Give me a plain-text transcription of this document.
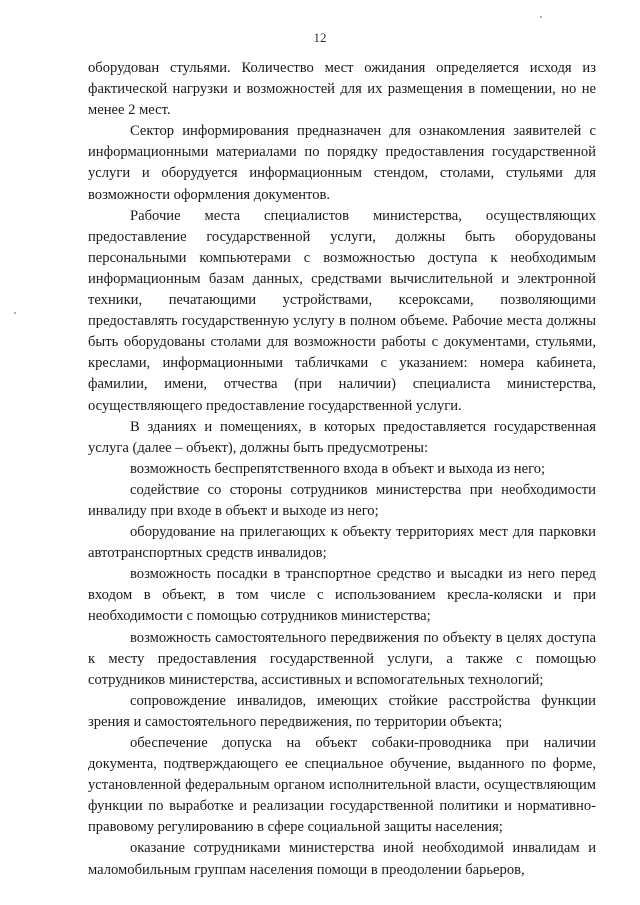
12

оборудован стульями. Количество мест ожидания определяется исходя из фактической нагрузки и возможностей для их размещения в помещении, но не менее 2 мест.

Сектор информирования предназначен для ознакомления заявителей с информационными материалами по порядку предоставления государственной услуги и оборудуется информационным стендом, столами, стульями для возможности оформления документов.

Рабочие места специалистов министерства, осуществляющих предоставление государственной услуги, должны быть оборудованы персональными компьютерами с возможностью доступа к необходимым информационным базам данных, средствами вычислительной и электронной техники, печатающими устройствами, ксероксами, позволяющими предоставлять государственную услугу в полном объеме. Рабочие места должны быть оборудованы столами для возможности работы с документами, стульями, креслами, информационными табличками с указанием: номера кабинета, фамилии, имени, отчества (при наличии) специалиста министерства, осуществляющего предоставление государственной услуги.

В зданиях и помещениях, в которых предоставляется государственная услуга (далее – объект), должны быть предусмотрены:

возможность беспрепятственного входа в объект и выхода из него;

содействие со стороны сотрудников министерства при необходимости инвалиду при входе в объект и выходе из него;

оборудование на прилегающих к объекту территориях мест для парковки автотранспортных средств инвалидов;

возможность посадки в транспортное средство и высадки из него перед входом в объект, в том числе с использованием кресла-коляски и при необходимости с помощью сотрудников министерства;

возможность самостоятельного передвижения по объекту в целях доступа к месту предоставления государственной услуги, а также с помощью сотрудников министерства, ассистивных и вспомогательных технологий;

сопровождение инвалидов, имеющих стойкие расстройства функции зрения и самостоятельного передвижения, по территории объекта;

обеспечение допуска на объект собаки-проводника при наличии документа, подтверждающего ее специальное обучение, выданного по форме, установленной федеральным органом исполнительной власти, осуществляющим функции по выработке и реализации государственной политики и нормативно-правовому регулированию в сфере социальной защиты населения;

оказание сотрудниками министерства иной необходимой инвалидам и маломобильным группам населения помощи в преодолении барьеров,
